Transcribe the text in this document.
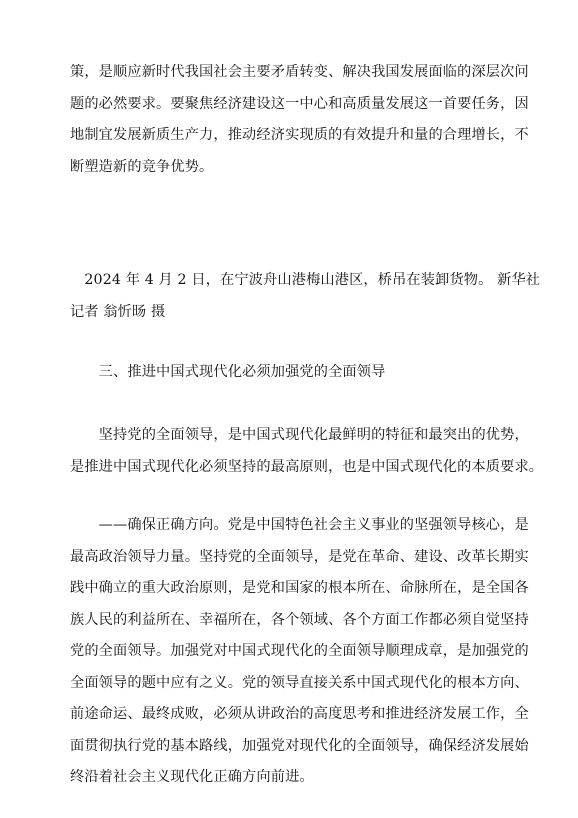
策，是顺应新时代我国社会主要矛盾转变、解决我国发展面临的深层次问
题的必然要求。要聚焦经济建设这一中心和高质量发展这一首要任务，因
地制宜发展新质生产力，推动经济实现质的有效提升和量的合理增长，不
断塑造新的竞争优势。
　2024 年 4 月 2 日，在宁波舟山港梅山港区，桥吊在装卸货物。 新华社
记者 翁忻旸 摄
　　三、推进中国式现代化必须加强党的全面领导
　　坚持党的全面领导，是中国式现代化最鲜明的特征和最突出的优势，
是推进中国式现代化必须坚持的最高原则，也是中国式现代化的本质要求。
　　——确保正确方向。党是中国特色社会主义事业的坚强领导核心，是
最高政治领导力量。坚持党的全面领导，是党在革命、建设、改革长期实
践中确立的重大政治原则，是党和国家的根本所在、命脉所在，是全国各
族人民的利益所在、幸福所在，各个领域、各个方面工作都必须自觉坚持
党的全面领导。加强党对中国式现代化的全面领导顺理成章，是加强党的
全面领导的题中应有之义。党的领导直接关系中国式现代化的根本方向、
前途命运、最终成败，必须从讲政治的高度思考和推进经济发展工作，全
面贯彻执行党的基本路线，加强党对现代化的全面领导，确保经济发展始
终沿着社会主义现代化正确方向前进。
